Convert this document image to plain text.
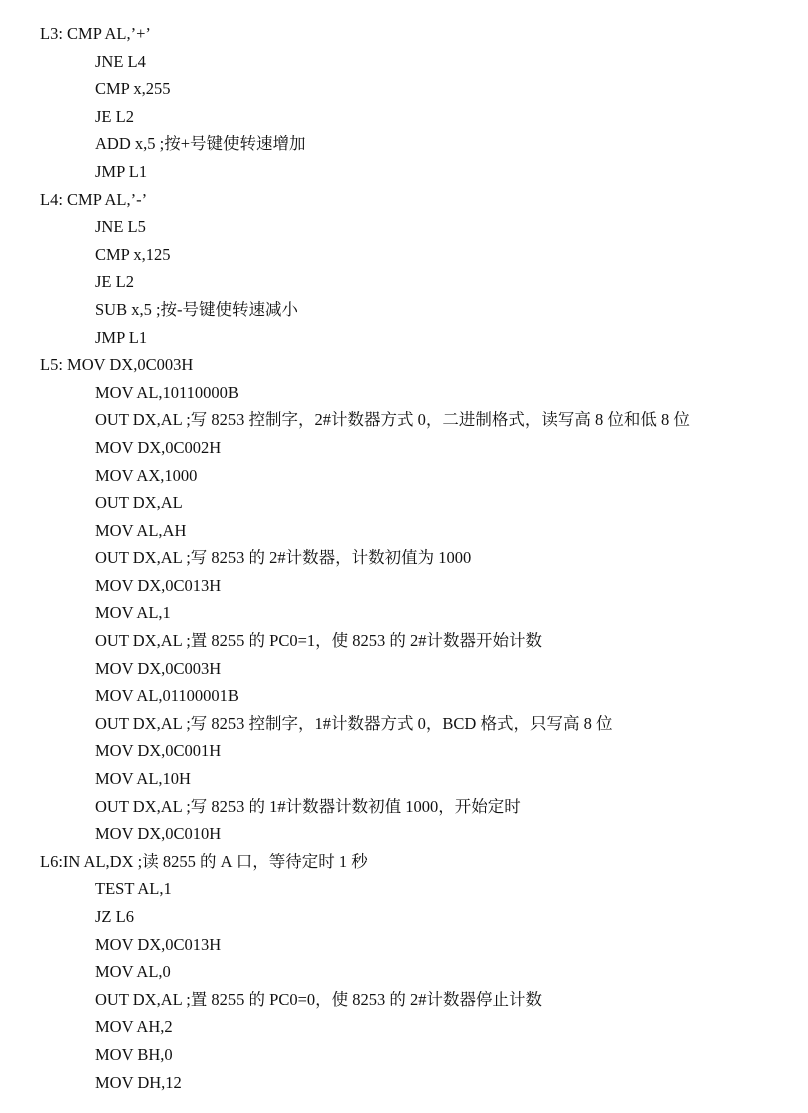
L3: CMP AL,’+’
JNE L4
CMP x,255
JE L2
ADD x,5 ;按+号键使转速增加
JMP L1
L4: CMP AL,’-’
JNE L5
CMP x,125
JE L2
SUB x,5 ;按-号键使转速减小
JMP L1
L5: MOV DX,0C003H
MOV AL,10110000B
OUT DX,AL ;写 8253 控制字，2#计数器方式 0，二进制格式，读写高 8 位和低 8 位
MOV DX,0C002H
MOV AX,1000
OUT DX,AL
MOV AL,AH
OUT DX,AL ;写 8253 的 2#计数器，计数初值为 1000
MOV DX,0C013H
MOV AL,1
OUT DX,AL ;置 8255 的 PC0=1，使 8253 的 2#计数器开始计数
MOV DX,0C003H
MOV AL,01100001B
OUT DX,AL ;写 8253 控制字，1#计数器方式 0，BCD 格式，只写高 8 位
MOV DX,0C001H
MOV AL,10H
OUT DX,AL ;写 8253 的 1#计数器计数初值 1000，开始定时
MOV DX,0C010H
L6:IN AL,DX ;读 8255 的 A 口，等待定时 1 秒
TEST AL,1
JZ L6
MOV DX,0C013H
MOV AL,0
OUT DX,AL ;置 8255 的 PC0=0，使 8253 的 2#计数器停止计数
MOV AH,2
MOV BH,0
MOV DH,12
